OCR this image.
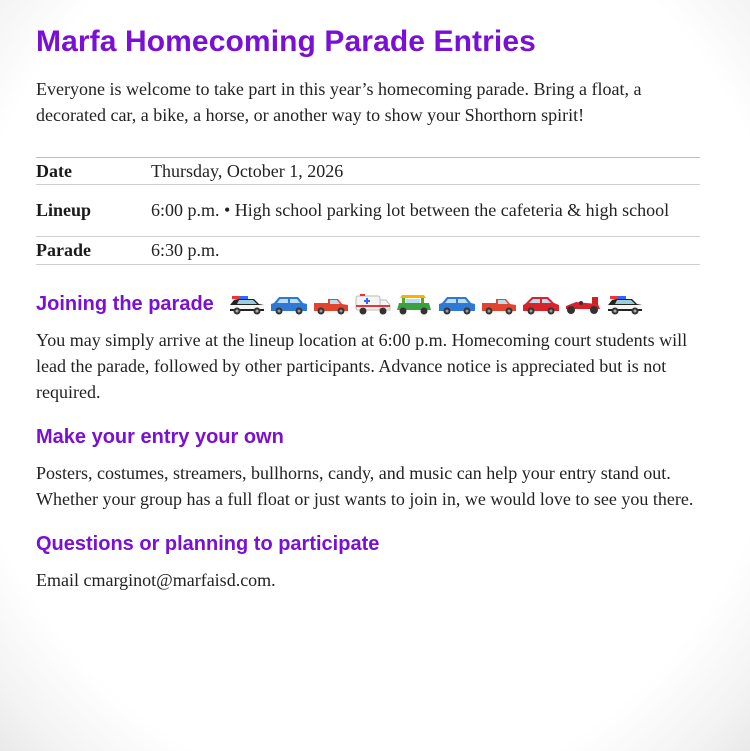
Marfa Homecoming Parade Entries

Everyone is welcome to take part in this year’s homecoming parade. Bring a float, a decorated car, a bike, a horse, or another way to show your Shorthorn spirit!

Date	Thursday, October 1, 2026
Lineup	6:00 p.m. • High school parking lot between the cafeteria & high school
Parade	6:30 p.m.
Joining the parade

You may simply arrive at the lineup location at 6:00 p.m. Homecoming court students will lead the parade, followed by other participants. Advance notice is appreciated but is not required.

Make your entry your own

Posters, costumes, streamers, bullhorns, candy, and music can help your entry stand out. Whether your group has a full float or just wants to join in, we would love to see you there.

Questions or planning to participate

Email cmarginot@marfaisd.com.
